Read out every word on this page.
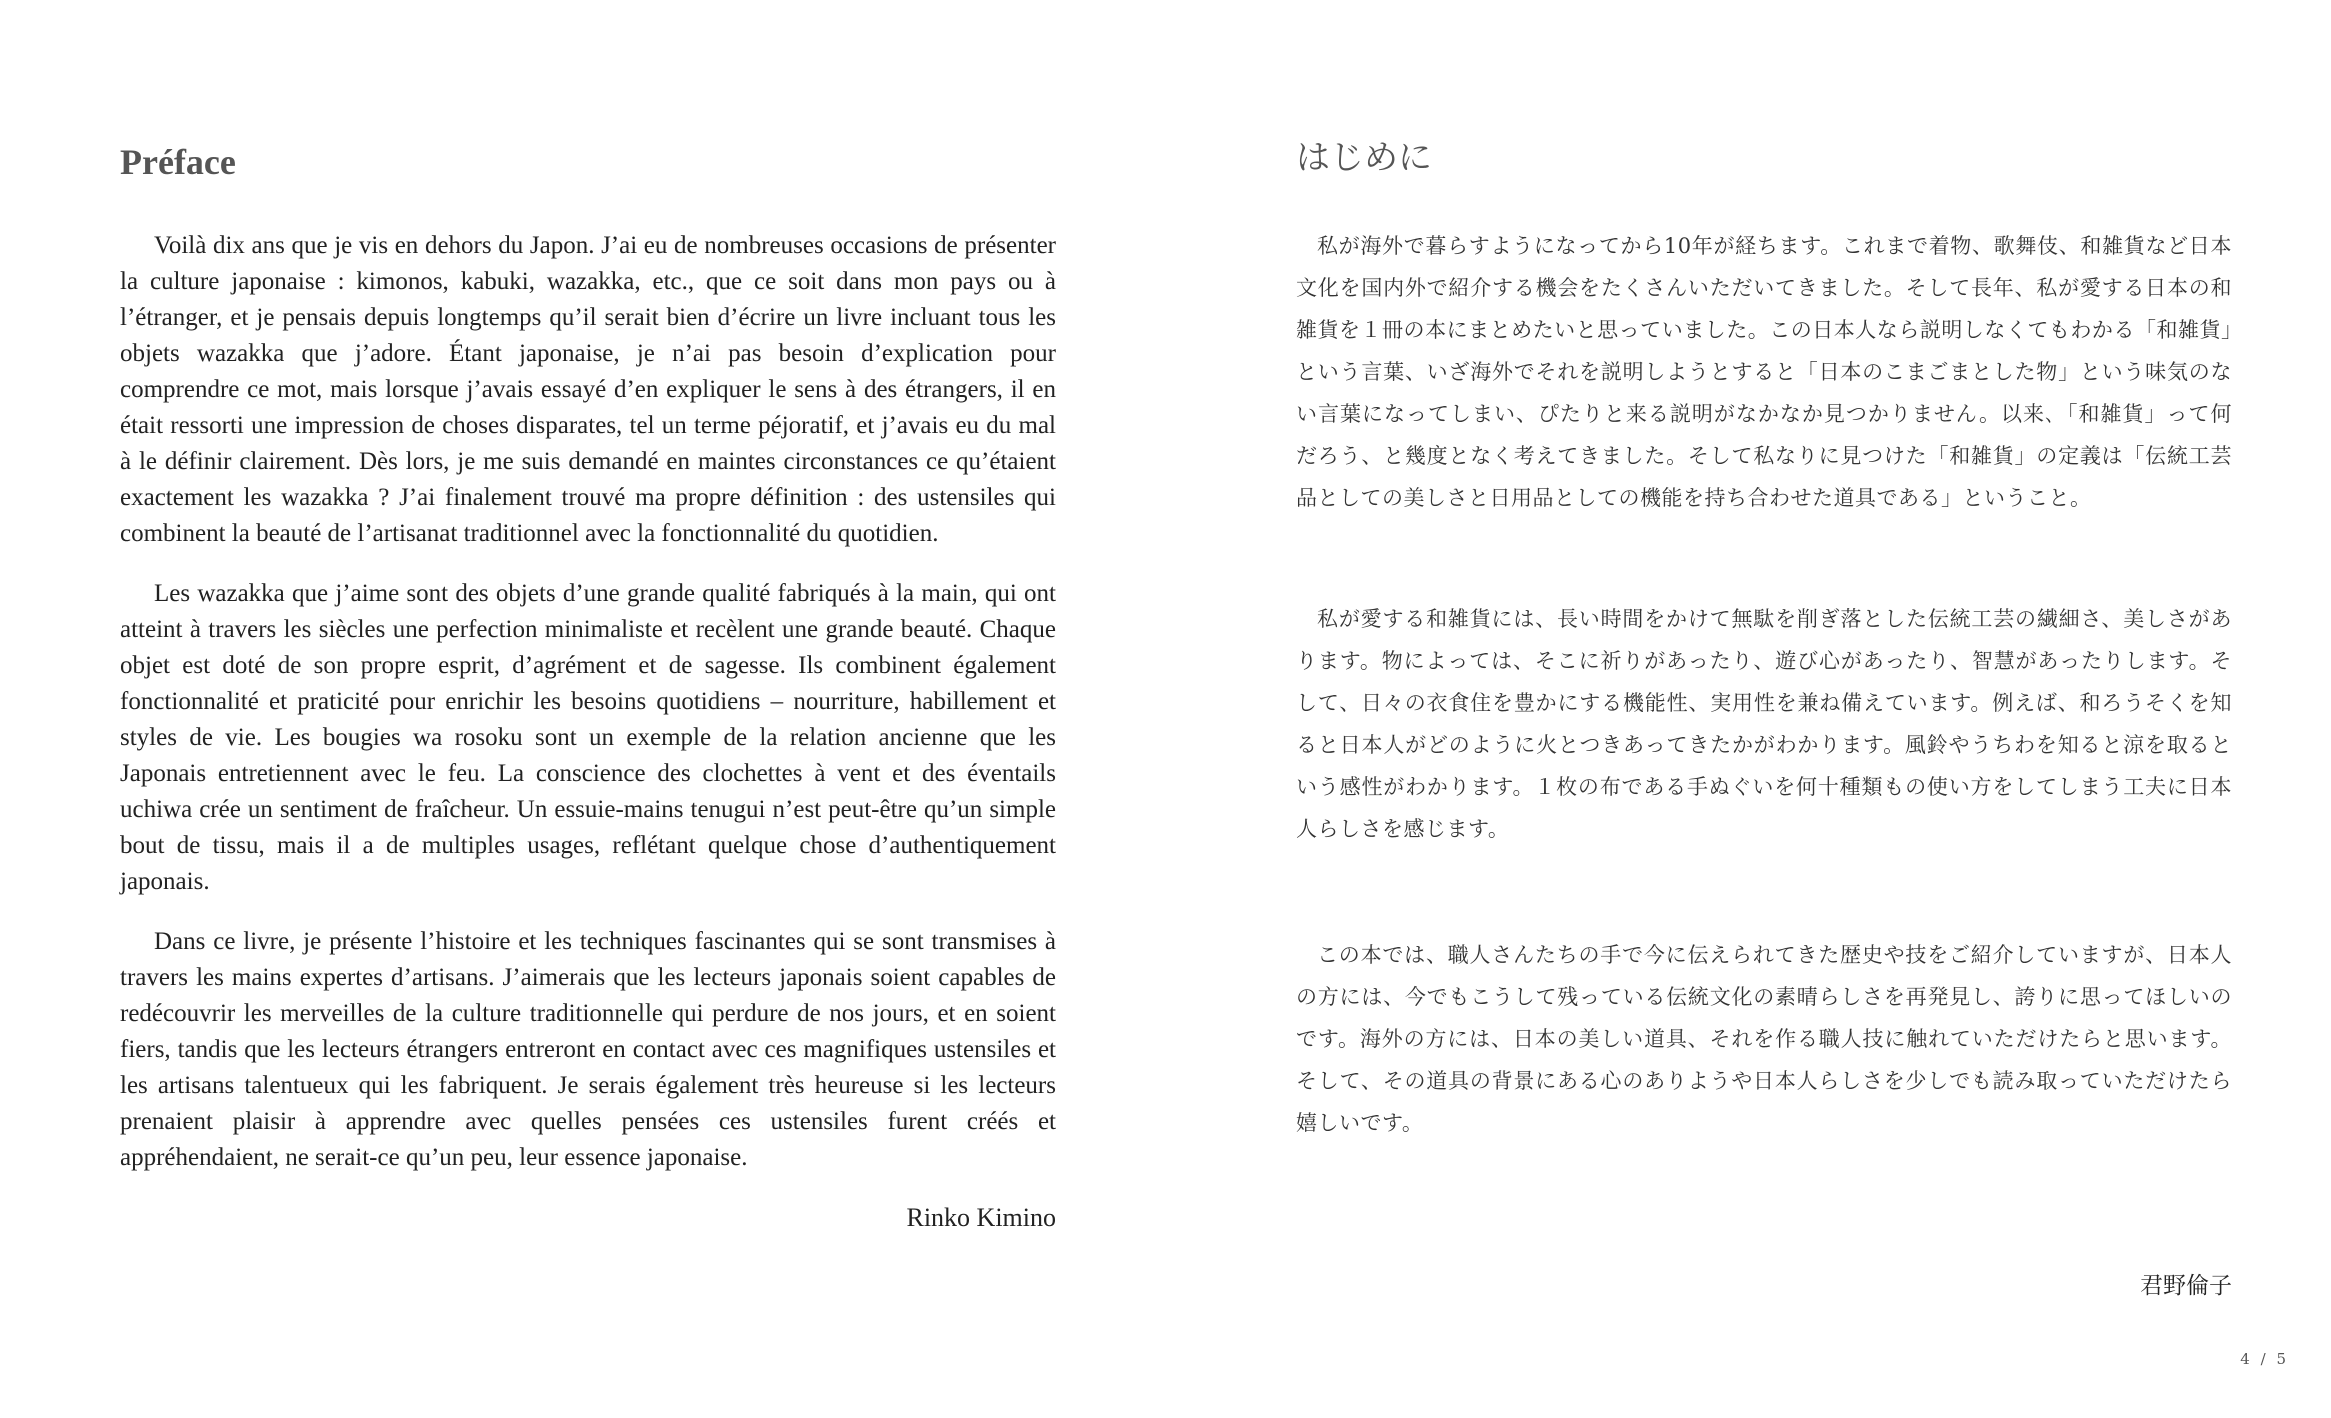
Préface

Voilà dix ans que je vis en dehors du Japon. J’ai eu de nombreuses occasions de présenter la culture japonaise : kimonos, kabuki, wazakka, etc., que ce soit dans mon pays ou à l’étranger, et je pensais depuis longtemps qu’il serait bien d’écrire un livre incluant tous les objets wazakka que j’adore. Étant japonaise, je n’ai pas besoin d’explication pour comprendre ce mot, mais lorsque j’avais essayé d’en expliquer le sens à des étrangers, il en était ressorti une impression de choses disparates, tel un terme péjoratif, et j’avais eu du mal à le définir clairement. Dès lors, je me suis demandé en maintes circonstances ce qu’étaient exactement les wazakka ? J’ai finalement trouvé ma propre définition : des ustensiles qui combinent la beauté de l’artisanat traditionnel avec la fonctionnalité du quotidien.

Les wazakka que j’aime sont des objets d’une grande qualité fabriqués à la main, qui ont atteint à travers les siècles une perfection minimaliste et recèlent une grande beauté. Chaque objet est doté de son propre esprit, d’agrément et de sagesse. Ils combinent également fonctionnalité et praticité pour enrichir les besoins quotidiens – nourriture, habillement et styles de vie. Les bougies wa rosoku sont un exemple de la relation ancienne que les Japonais entretiennent avec le feu. La conscience des clochettes à vent et des éventails uchiwa crée un sentiment de fraîcheur. Un essuie-mains tenugui n’est peut-être qu’un simple bout de tissu, mais il a de multiples usages, reflétant quelque chose d’authentiquement japonais.

Dans ce livre, je présente l’histoire et les techniques fascinantes qui se sont transmises à travers les mains expertes d’artisans. J’aimerais que les lecteurs japonais soient capables de redécouvrir les merveilles de la culture traditionnelle qui perdure de nos jours, et en soient fiers, tandis que les lecteurs étrangers entreront en contact avec ces magnifiques ustensiles et les artisans talentueux qui les fabriquent. Je serais également très heureuse si les lecteurs prenaient plaisir à apprendre avec quelles pensées ces ustensiles furent créés et appréhendaient, ne serait-ce qu’un peu, leur essence japonaise.

Rinko Kimino

はじめに

私が海外で暮らすようになってから10年が経ちます。これまで着物、歌舞伎、和雑貨など日本文化を国内外で紹介する機会をたくさんいただいてきました。そして長年、私が愛する日本の和雑貨を１冊の本にまとめたいと思っていました。この日本人なら説明しなくてもわかる「和雑貨」という言葉、いざ海外でそれを説明しようとすると「日本のこまごまとした物」という味気のない言葉になってしまい、ぴたりと来る説明がなかなか見つかりません。以来､「和雑貨」って何だろう、と幾度となく考えてきました。そして私なりに見つけた「和雑貨」の定義は「伝統工芸品としての美しさと日用品としての機能を持ち合わせた道具である」ということ。

私が愛する和雑貨には、長い時間をかけて無駄を削ぎ落とした伝統工芸の繊細さ、美しさがあります。物によっては、そこに祈りがあったり、遊び心があったり、智慧があったりします。そして、日々の衣食住を豊かにする機能性、実用性を兼ね備えています。例えば、和ろうそくを知ると日本人がどのように火とつきあってきたかがわかります。風鈴やうちわを知ると涼を取るという感性がわかります。１枚の布である手ぬぐいを何十種類もの使い方をしてしまう工夫に日本人らしさを感じます。

この本では、職人さんたちの手で今に伝えられてきた歴史や技をご紹介していますが、日本人の方には、今でもこうして残っている伝統文化の素晴らしさを再発見し、誇りに思ってほしいのです。海外の方には、日本の美しい道具、それを作る職人技に触れていただけたらと思います。そして、その道具の背景にある心のありようや日本人らしさを少しでも読み取っていただけたら嬉しいです。

君野倫子

4 / 5
